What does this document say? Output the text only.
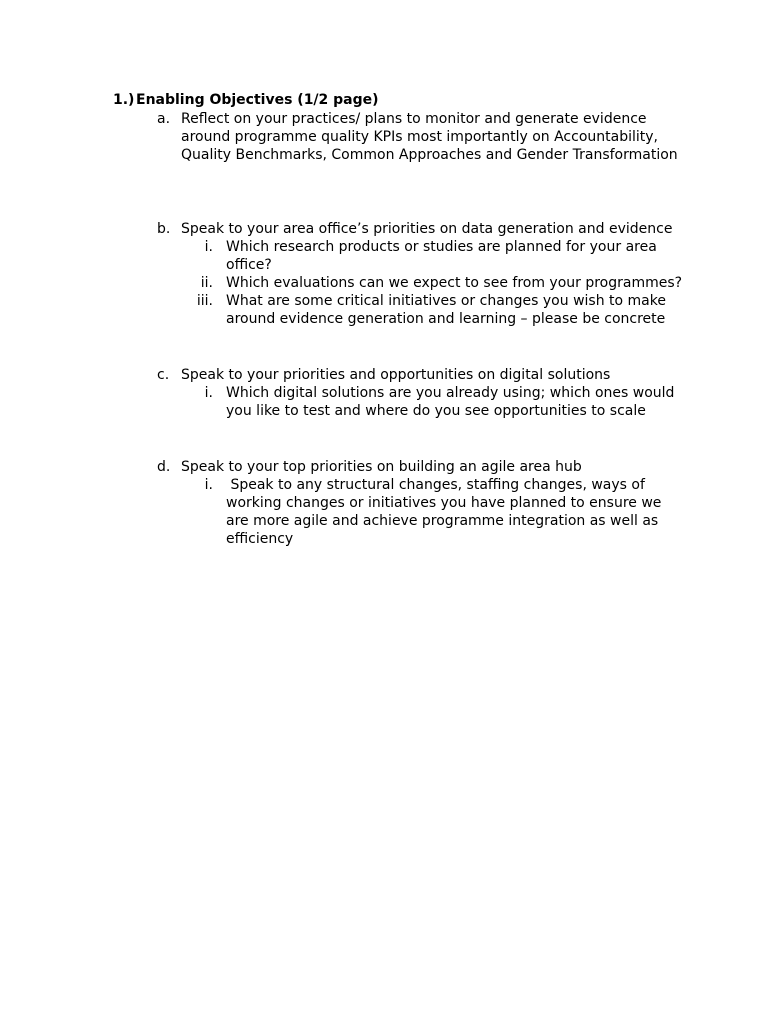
1.) Enabling Objectives (1/2 page)
a. Reflect on your practices/ plans to monitor and generate evidence
around programme quality KPIs most importantly on Accountability,
Quality Benchmarks, Common Approaches and Gender Transformation
b. Speak to your area office’s priorities on data generation and evidence
i. Which research products or studies are planned for your area
office?
ii. Which evaluations can we expect to see from your programmes?
iii. What are some critical initiatives or changes you wish to make
around evidence generation and learning – please be concrete
c. Speak to your priorities and opportunities on digital solutions
i. Which digital solutions are you already using; which ones would
you like to test and where do you see opportunities to scale
d. Speak to your top priorities on building an agile area hub
i. Speak to any structural changes, staffing changes, ways of
working changes or initiatives you have planned to ensure we
are more agile and achieve programme integration as well as
efficiency
